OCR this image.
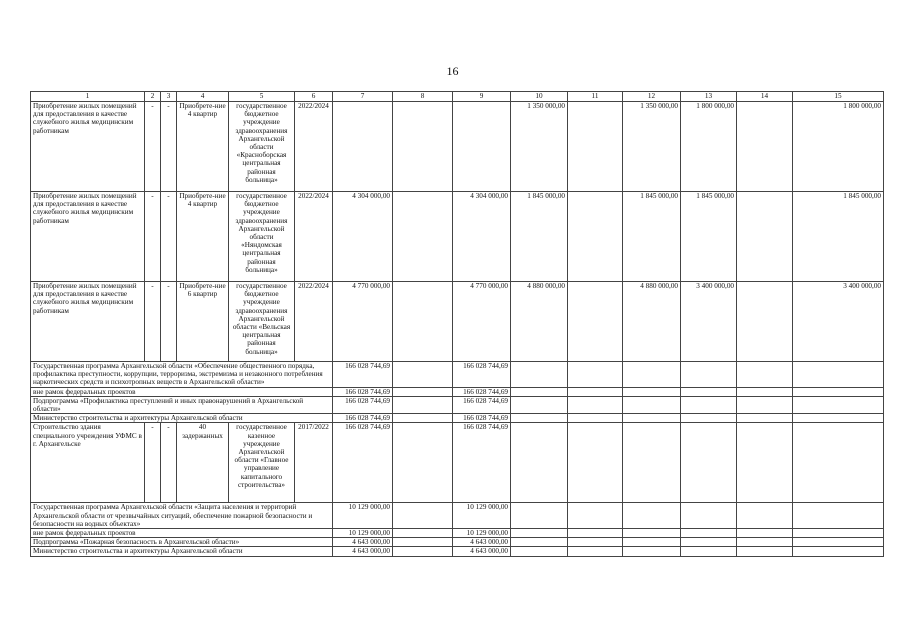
16
1	2	3	4	5	6	7	8	9	10	11	12	13	14	15
Приобретение жилых помещений для предоставления в качестве служебного жилья медицинским работникам	-	-	Приобрете-ние 4 квартир	государственное бюджетное учреждение здравоохранения Архангельской области «Красноборская центральная районная больница»	2022/2024				1 350 000,00		1 350 000,00	1 800 000,00		1 800 000,00
Приобретение жилых помещений для предоставления в качестве служебного жилья медицинским работникам	-	-	Приобрете-ние 4 квартир	государственное бюджетное учреждение здравоохранения Архангельской области «Няндомская центральная районная больница»	2022/2024	4 304 000,00		4 304 000,00	1 845 000,00		1 845 000,00	1 845 000,00		1 845 000,00
Приобретение жилых помещений для предоставления в качестве служебного жилья медицинским работникам	-	-	Приобрете-ние 6 квартир	государственное бюджетное учреждение здравоохранения Архангельской области «Вельская центральная районная больница»	2022/2024	4 770 000,00		4 770 000,00	4 880 000,00		4 880 000,00	3 400 000,00		3 400 000,00
Государственная программа Архангельской области «Обеспечение общественного порядка, профилактика преступности, коррупции, терроризма, экстремизма и незаконного потребления наркотических средств и психотропных веществ в Архангельской области»						166 028 744,69		166 028 744,69						
вне рамок федеральных проектов						166 028 744,69		166 028 744,69						
Подпрограмма «Профилактика преступлений и иных правонарушений в Архангельской области»						166 028 744,69		166 028 744,69						
Министерство строительства и архитектуры Архангельской области						166 028 744,69		166 028 744,69						
Строительство здания специального учреждения УФМС в г. Архангельске	-	-	40 задержанных	государственное казенное учреждение Архангельской области «Главное управление капитального строительства»	2017/2022	166 028 744,69		166 028 744,69						
Государственная программа Архангельской области «Защита населения и территорий Архангельской области от чрезвычайных ситуаций, обеспечение пожарной безопасности и безопасности на водных объектах»						10 129 000,00		10 129 000,00						
вне рамок федеральных проектов						10 129 000,00		10 129 000,00						
Подпрограмма «Пожарная безопасность в Архангельской области»						4 643 000,00		4 643 000,00						
Министерство строительства и архитектуры Архангельской области						4 643 000,00		4 643 000,00						
